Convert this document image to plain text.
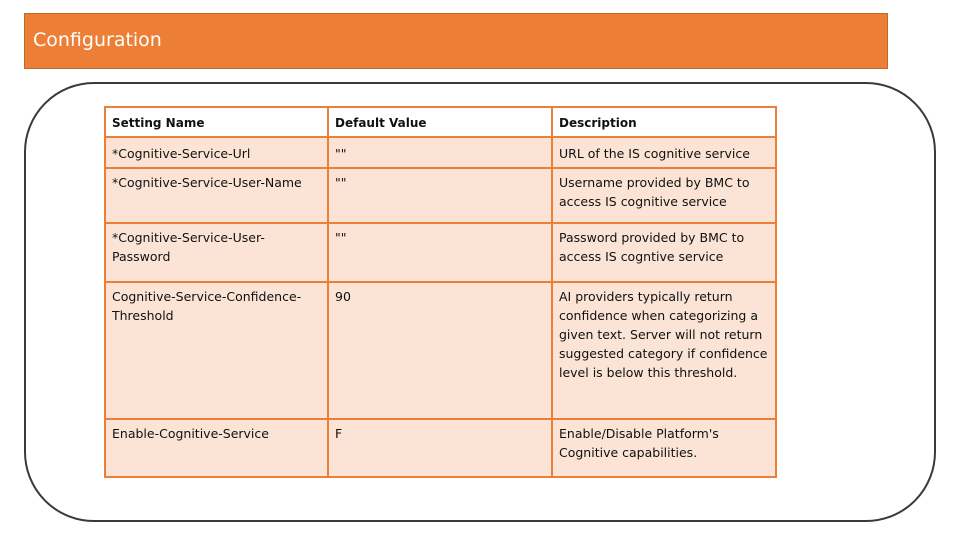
Configuration
Setting Name	Default Value	Description
*Cognitive-Service-Url	""	URL of the IS cognitive service
*Cognitive-Service-User-Name	""	Username provided by BMC to access IS cognitive service
*Cognitive-Service-User-Password	""	Password provided by BMC to access IS cogntive service
Cognitive-Service-Confidence-Threshold	90	AI providers typically return confidence when categorizing a given text. Server will not return suggested category if confidence level is below this threshold.
Enable-Cognitive-Service	F	Enable/Disable Platform's Cognitive capabilities.
